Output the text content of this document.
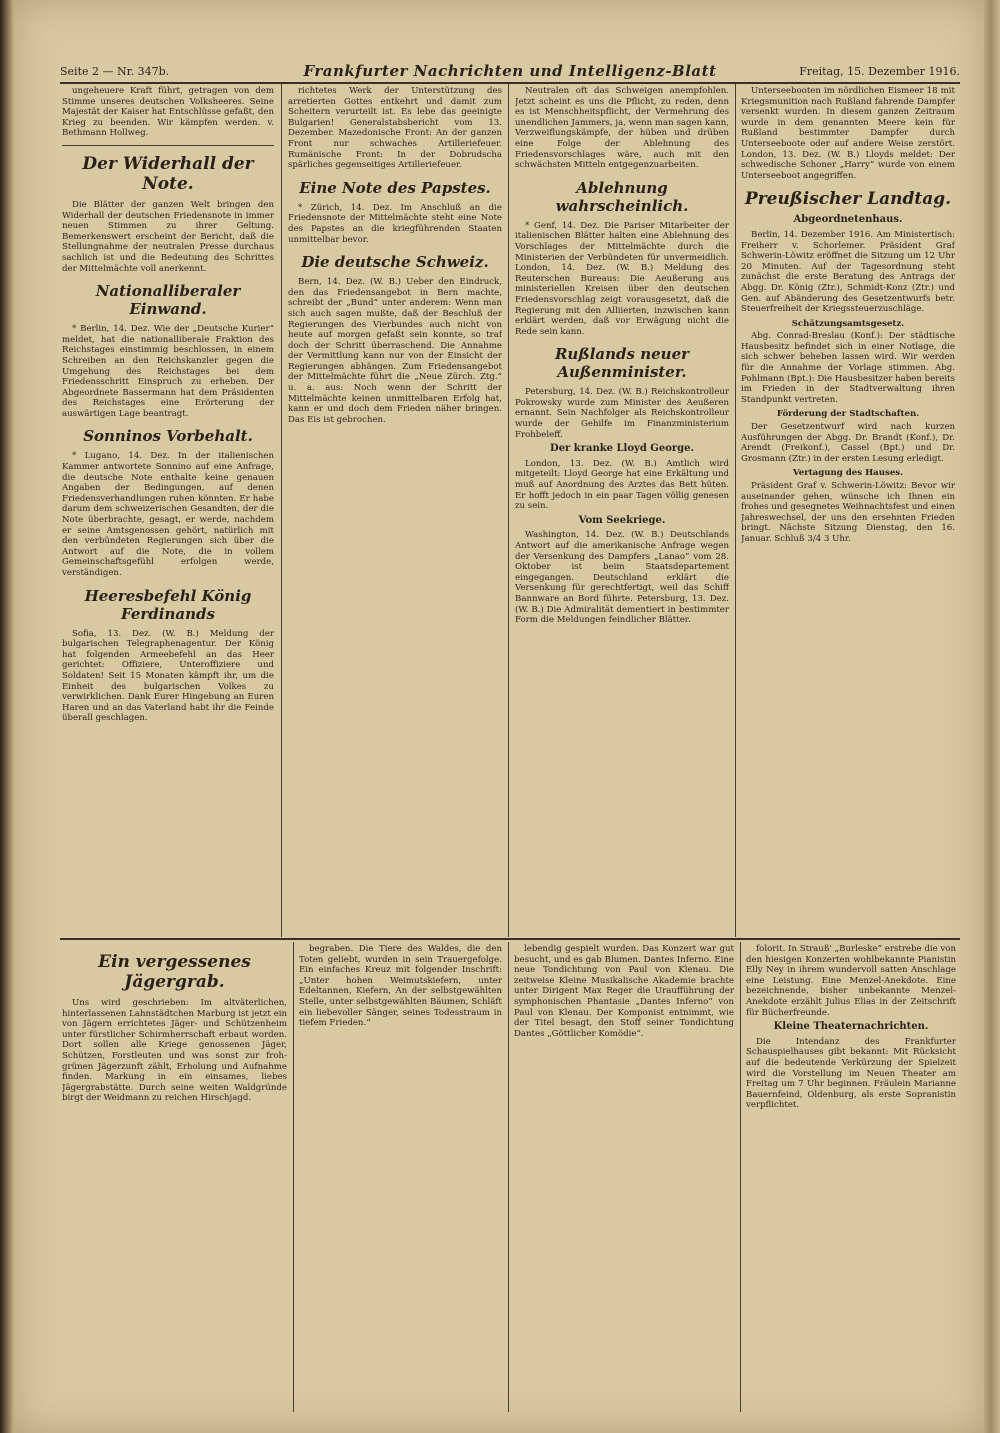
Seite 2 — Nr. 347b.	Frankfurter Nachrichten und Intelligenz-Blatt	Freitag, 15. Dezember 1916.

ungeheuere Kraft führt, getragen von dem Stimme unseres deutschen Volksheeres. Seine Majestät der Kaiser hat Entschlüsse gefaßt, den Krieg zu beenden. Wir kämpfen werden. v. Bethmann Hollweg.

Der Widerhall der Note.

Die Blätter der ganzen Welt bringen den Widerhall der deutschen Friedensnote in immer neuen Stimmen zu ihrer Geltung. Bemerkenswert erscheint der Bericht, daß die Stellungnahme der neutralen Presse durchaus sachlich ist und die Bedeutung des Schrittes der Mittelmächte voll anerkennt.

Nationalliberaler Einwand.

* Berlin, 14. Dez. Wie der „Deutsche Kurier“ meldet, hat die nationalliberale Fraktion des Reichstages einstimmig beschlossen, in einem Schreiben an den Reichskanzler gegen die Umgehung des Reichstages bei dem Friedensschritt Einspruch zu erheben. Der Abgeordnete Bassermann hat dem Präsidenten des Reichstages eine Erörterung der auswärtigen Lage beantragt.

Sonninos Vorbehalt.

* Lugano, 14. Dez. In der italienischen Kammer antwortete Sonnino auf eine Anfrage, die deutsche Note enthalte keine genauen Angaben der Bedingungen, auf denen Friedensverhandlungen ruhen könnten. Er habe darum dem schweizerischen Gesandten, der die Note überbrachte, gesagt, er werde, nachdem er seine Amtsgenossen gehört, natürlich mit den verbündeten Regierungen sich über die Antwort auf die Note, die in vollem Gemeinschaftsgefühl erfolgen werde, verständigen.

Heeresbefehl König Ferdinands

Sofia, 13. Dez. (W. B.) Meldung der bulgarischen Telegraphenagentur. Der König hat folgenden Armeebefehl an das Heer gerichtet: Offiziere, Unteroffiziere und Soldaten! Seit 15 Monaten kämpft ihr, um die Einheit des bulgarischen Volkes zu verwirklichen. Dank Eurer Hingebung an Euren Haren und an das Vaterland habt ihr die Feinde überall geschlagen.

richtetes Werk der Unterstützung des arretierten Gottes entkehrt und damit zum Scheitern verurteilt ist. Es lebe das geeinigte Bulgarien! Generalstabsbericht vom 13. Dezember. Mazedonische Front: An der ganzen Front nur schwaches Artilleriefeuer. Rumänische Front: In der Dobrudscha spärliches gegenseitiges Artilleriefeuer.

Eine Note des Papstes.

* Zürich, 14. Dez. Im Anschluß an die Friedensnote der Mittelmächte steht eine Note des Papstes an die kriegführenden Staaten unmittelbar bevor.

Die deutsche Schweiz.

Bern, 14. Dez. (W. B.) Ueber den Eindruck, den das Friedensangebot in Bern machte, schreibt der „Bund“ unter anderem: Wenn man sich auch sagen mußte, daß der Beschluß der Regierungen des Vierbundes auch nicht von heute auf morgen gefaßt sein konnte, so traf doch der Schritt überraschend. Die Annahme der Vermittlung kann nur von der Einsicht der Regierungen abhängen. Zum Friedensangebot der Mittelmächte führt die „Neue Zürch. Ztg.“ u. a. aus: Noch wenn der Schritt der Mittelmächte keinen unmittelbaren Erfolg hat, kann er und doch dem Frieden näher bringen. Das Eis ist gebrochen.

Neutralen oft das Schweigen anempfohlen. Jetzt scheint es uns die Pflicht, zu reden, denn es ist Menschheitspflicht, der Vermehrung des unendlichen Jammers, ja, wenn man sagen kann, Verzweiflungskämpfe, der hüben und drüben eine Folge der Ablehnung des Friedensvorschlages wäre, auch mit den schwächsten Mitteln entgegenzuarbeiten.

Ablehnung wahrscheinlich.

* Genf, 14. Dez. Die Pariser Mitarbeiter der italienischen Blätter halten eine Ablehnung des Vorschlages der Mittelmächte durch die Ministerien der Verbündeten für unvermeidlich. London, 14. Dez. (W. B.) Meldung des Reuterschen Bureaus: Die Aeußerung aus ministeriellen Kreisen über den deutschen Friedensvorschlag zeigt vorausgesetzt, daß die Regierung mit den Alliierten, inzwischen kann erklärt werden, daß vor Erwägung nicht die Rede sein kann.

Rußlands neuer Außenminister.

Petersburg, 14. Dez. (W. B.) Reichskontrolleur Pokrowsky wurde zum Minister des Aeußeren ernannt. Sein Nachfolger als Reichskontrolleur wurde der Gehilfe im Finanzministerium Frohbeleff.

Der kranke Lloyd George.

London, 13. Dez. (W. B.) Amtlich wird mitgeteilt: Lloyd George hat eine Erkältung und muß auf Anordnung des Arztes das Bett hüten. Er hofft jedoch in ein paar Tagen völlig genesen zu sein.

Vom Seekriege.

Washington, 14. Dez. (W. B.) Deutschlands Antwort auf die amerikanische Anfrage wegen der Versenkung des Dampfers „Lanao“ vom 28. Oktober ist beim Staatsdepartement eingegangen. Deutschland erklärt die Versenkung für gerechtfertigt, weil das Schiff Bannware an Bord führte. Petersburg, 13. Dez. (W. B.) Die Admiralität dementiert in bestimmter Form die Meldungen feindlicher Blätter.

Unterseebooten im nördlichen Eismeer 18 mit Kriegsmunition nach Rußland fahrende Dampfer versenkt wurden. In diesem ganzen Zeitraum wurde in dem genannten Meere kein für Rußland bestimmter Dampfer durch Unterseeboote oder auf andere Weise zerstört. London, 13. Dez. (W. B.) Lloyds meldet: Der schwedische Schoner „Harry“ wurde von einem Unterseeboot angegriffen.

Preußischer Landtag.
Abgeordnetenhaus.

Berlin, 14. Dezember 1916. Am Ministertisch: Freiherr v. Schorlemer. Präsident Graf Schwerin-Löwitz eröffnet die Sitzung um 12 Uhr 20 Minuten. Auf der Tagesordnung steht zunächst die erste Beratung des Antrags der Abgg. Dr. König (Ztr.), Schmidt-Konz (Ztr.) und Gen. auf Abänderung des Gesetzentwurfs betr. Steuerfreiheit der Kriegssteuerzuschläge.

Schätzungsamtsgesetz.

Abg. Conrad-Breslau (Konf.): Der städtische Hausbesitz befindet sich in einer Notlage, die sich schwer beheben lassen wird. Wir werden für die Annahme der Vorlage stimmen. Abg. Pohlmann (Bpt.): Die Hausbesitzer haben bereits im Frieden in der Stadtverwaltung ihren Standpunkt vertreten.

Förderung der Stadtschaften.

Der Gesetzentwurf wird nach kurzen Ausführungen der Abgg. Dr. Brandt (Konf.), Dr. Arendt (Freikonf.), Cassel (Bpt.) und Dr. Grosmann (Ztr.) in der ersten Lesung erledigt.

Vertagung des Hauses.

Präsident Graf v. Schwerin-Löwitz: Bevor wir auseinander gehen, wünsche ich Ihnen ein frohes und gesegnetes Weihnachtsfest und einen Jahreswechsel, der uns den ersehnten Frieden bringt. Nächste Sitzung Dienstag, den 16. Januar. Schluß 3/4 3 Uhr.

Ein vergessenes Jägergrab.

Uns wird geschrieben: Im altväterlichen, hinterlassenen Lahnstädtchen Marburg ist jetzt ein von Jägern errichtetes Jäger- und Schützenheim unter fürstlicher Schirmherrschaft erbaut worden. Dort sollen alle Kriege genossenen Jäger, Schützen, Forstleuten und was sonst zur froh-grünen Jägerzunft zählt, Erholung und Aufnahme finden. Markung in ein einsames, liebes Jägergrabstätte. Durch seine weiten Waldgründe birgt der Weidmann zu reichen Hirschjagd.

begraben. Die Tiere des Waldes, die den Toten geliebt, wurden in sein Trauergefolge. Ein einfaches Kreuz mit folgender Inschrift: „Unter hohen Weimutskiefern, unter Edeltannen, Kiefern, An der selbstgewählten Stelle, unter selbstgewählten Bäumen, Schläft ein liebevoller Sänger, seines Todesstraum in tiefem Frieden.“

lebendig gespielt wurden. Das Konzert war gut besucht, und es gab Blumen. Dantes Inferno. Eine neue Tondichtung von Paul von Klenau. Die zeitweise Kleine Musikalische Akademie brachte unter Dirigent Max Reger die Uraufführung der symphonischen Phantasie „Dantes Inferno“ von Paul von Klenau. Der Komponist entnimmt, wie der Titel besagt, den Stoff seiner Tondichtung Dantes „Göttlicher Komödie“.

folorit. In Strauß' „Burleske“ erstrebe die von den hiesigen Konzerten wohlbekannte Pianistin Elly Ney in ihrem wundervoll satten Anschlage eine Leistung. Eine Menzel-Anekdote. Eine bezeichnende, bisher unbekannte Menzel-Anekdote erzählt Julius Elias in der Zeitschrift für Bücherfreunde.

Kleine Theaternachrichten.

Die Intendanz des Frankfurter Schauspielhauses gibt bekannt: Mit Rücksicht auf die bedeutende Verkürzung der Spielzeit wird die Vorstellung im Neuen Theater am Freitag um 7 Uhr beginnen. Fräulein Marianne Bauernfeind, Oldenburg, als erste Sopranistin verpflichtet.
